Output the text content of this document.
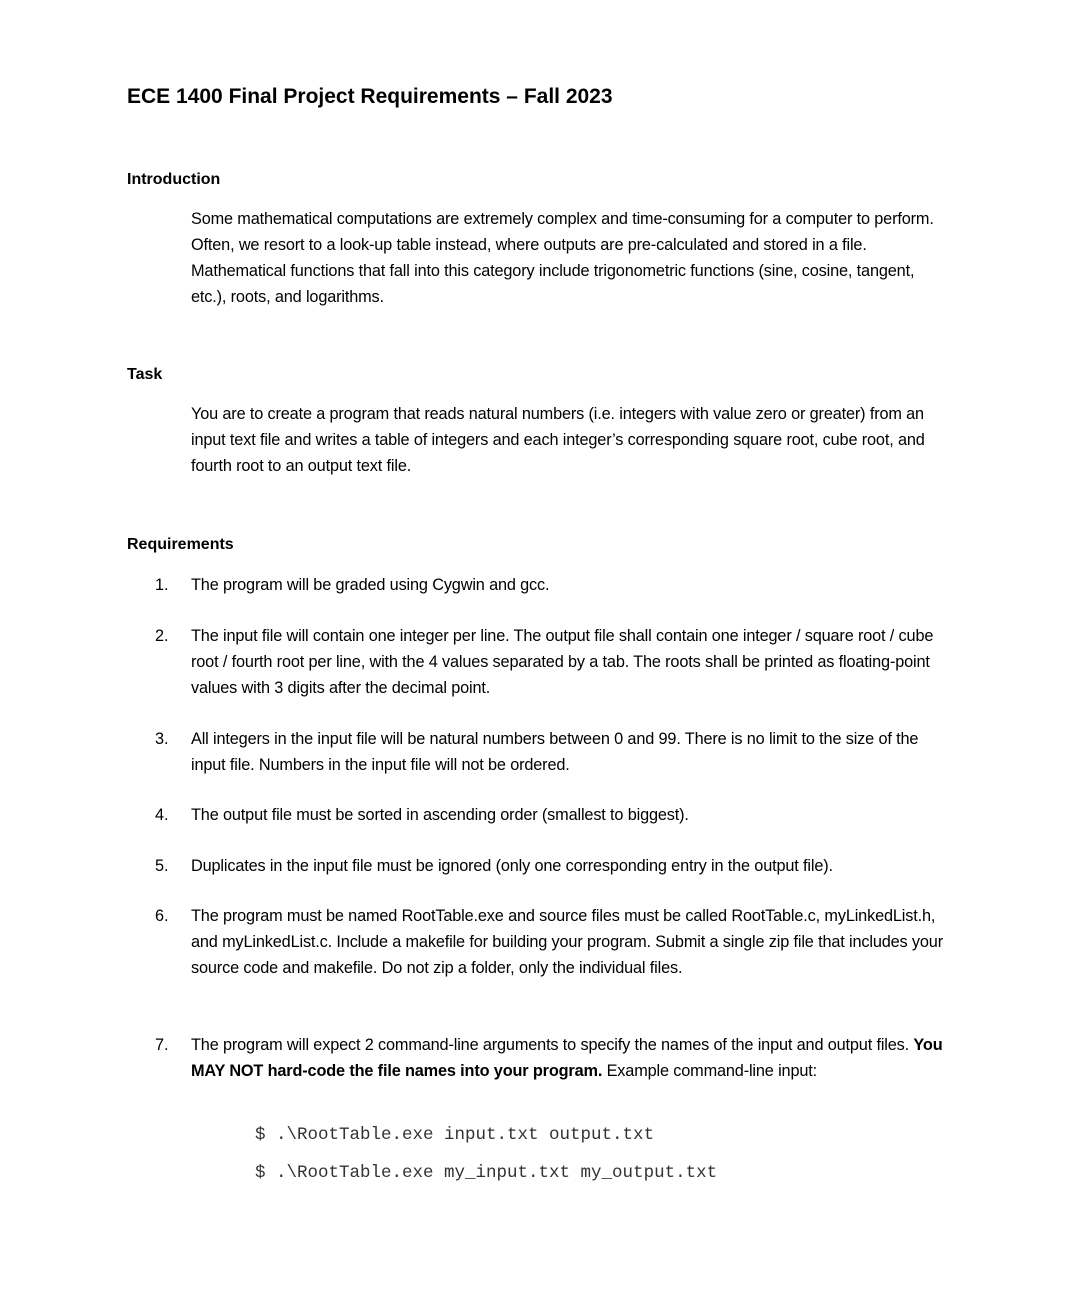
ECE 1400 Final Project Requirements – Fall 2023
Introduction

Some mathematical computations are extremely complex and time-consuming for a computer to perform. Often, we resort to a look-up table instead, where outputs are pre-calculated and stored in a file. Mathematical functions that fall into this category include trigonometric functions (sine, cosine, tangent, etc.), roots, and logarithms.

Task

You are to create a program that reads natural numbers (i.e. integers with value zero or greater) from an input text file and writes a table of integers and each integer’s corresponding square root, cube root, and fourth root to an output text file.

Requirements
1.	The program will be graded using Cygwin and gcc.
2.	The input file will contain one integer per line. The output file shall contain one integer / square root / cube root / fourth root per line, with the 4 values separated by a tab. The roots shall be printed as floating-point values with 3 digits after the decimal point.
3.	All integers in the input file will be natural numbers between 0 and 99. There is no limit to the size of the input file. Numbers in the input file will not be ordered.
4.	The output file must be sorted in ascending order (smallest to biggest).
5.	Duplicates in the input file must be ignored (only one corresponding entry in the output file).
6.	The program must be named RootTable.exe and source files must be called RootTable.c, myLinkedList.h, and myLinkedList.c. Include a makefile for building your program. Submit a single zip file that includes your source code and makefile. Do not zip a folder, only the individual files.
7.	The program will expect 2 command-line arguments to specify the names of the input and output files. You MAY NOT hard-code the file names into your program. Example command-line input:

$ .\RootTable.exe input.txt output.txt

$ .\RootTable.exe my_input.txt my_output.txt
